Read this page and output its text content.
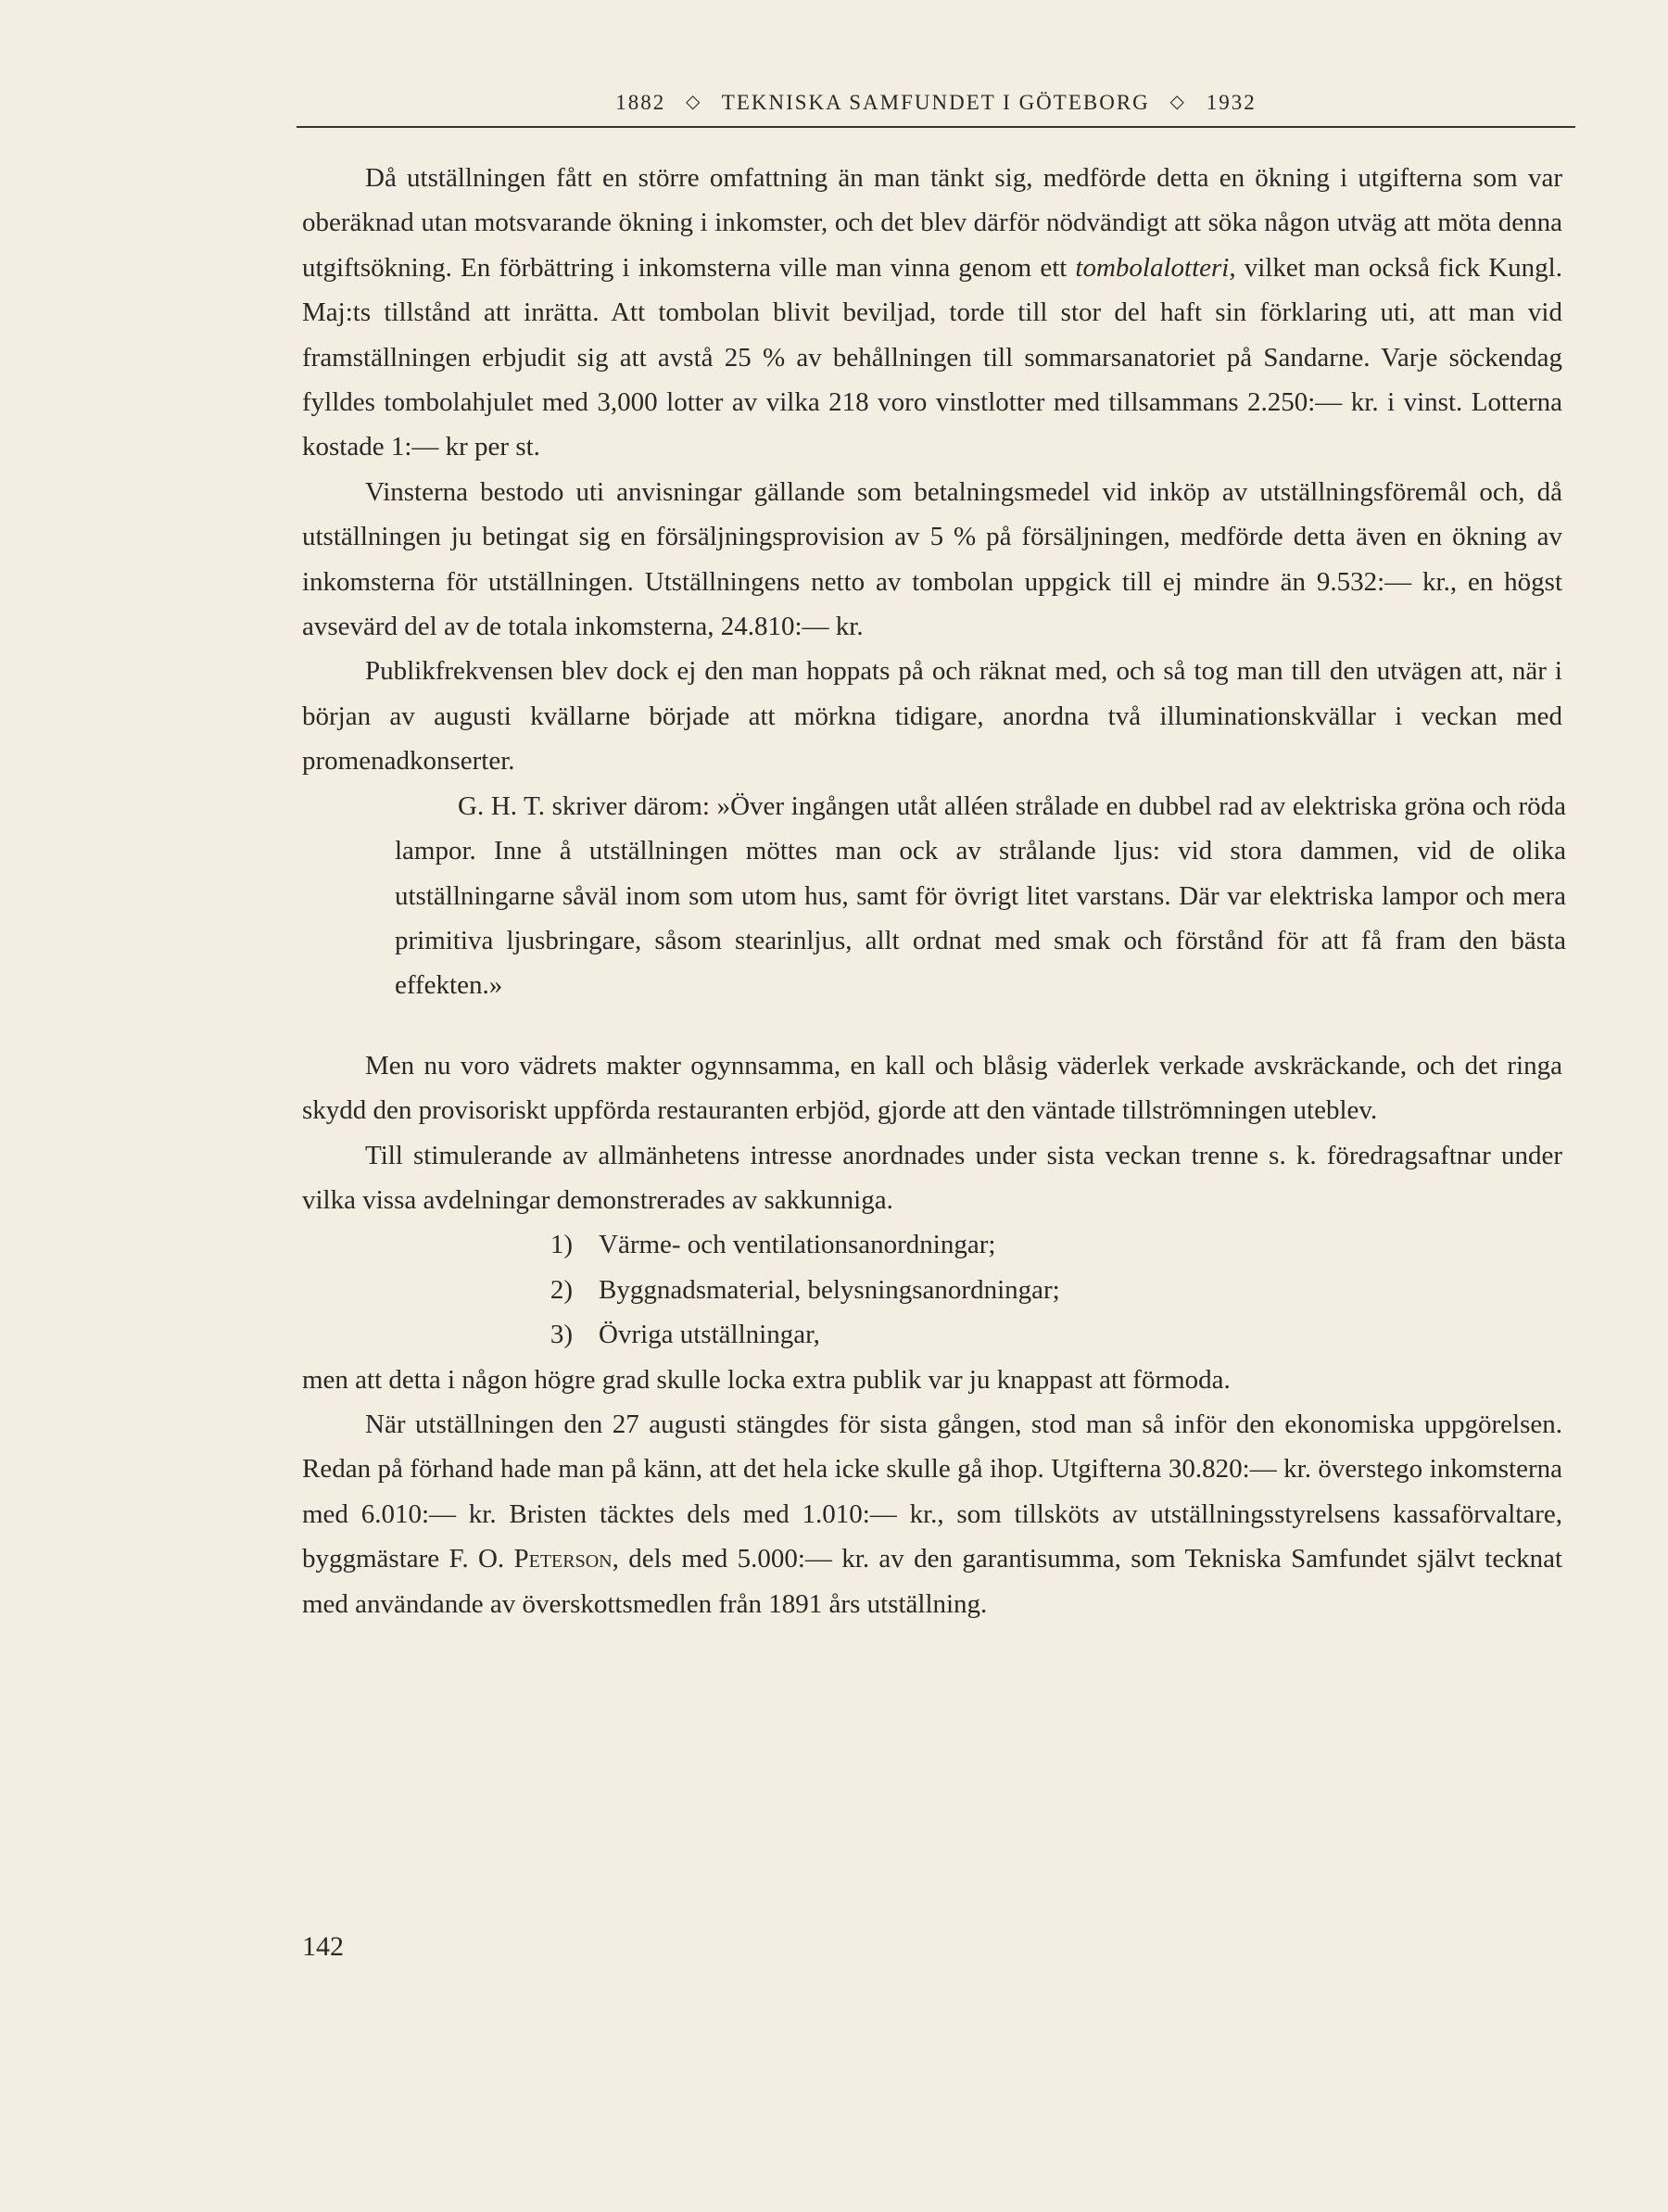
1882 ◇ TEKNISKA SAMFUNDET I GÖTEBORG ◇ 1932

Då utställningen fått en större omfattning än man tänkt sig, medförde detta en ökning i utgifterna som var oberäknad utan motsvarande ökning i inkomster, och det blev därför nödvändigt att söka någon utväg att möta denna utgiftsökning. En förbättring i inkomsterna ville man vinna genom ett tombolalotteri, vilket man också fick Kungl. Maj:ts tillstånd att inrätta. Att tombolan blivit beviljad, torde till stor del haft sin förklaring uti, att man vid framställningen erbjudit sig att avstå 25 % av behållningen till sommarsanatoriet på Sandarne. Varje söckendag fylldes tombolahjulet med 3,000 lotter av vilka 218 voro vinstlotter med tillsammans 2.250:— kr. i vinst. Lotterna kostade 1:— kr per st.

Vinsterna bestodo uti anvisningar gällande som betalningsmedel vid inköp av utställningsföremål och, då utställningen ju betingat sig en försäljningsprovision av 5 % på försäljningen, medförde detta även en ökning av inkomsterna för utställningen. Utställningens netto av tombolan uppgick till ej mindre än 9.532:— kr., en högst avsevärd del av de totala inkomsterna, 24.810:— kr.

Publikfrekvensen blev dock ej den man hoppats på och räknat med, och så tog man till den utvägen att, när i början av augusti kvällarne började att mörkna tidigare, anordna två illuminationskvällar i veckan med promenadkonserter.

G. H. T. skriver därom: »Över ingången utåt alléen strålade en dubbel rad av elektriska gröna och röda lampor. Inne å utställningen möttes man ock av strålande ljus: vid stora dammen, vid de olika utställningarne såväl inom som utom hus, samt för övrigt litet varstans. Där var elektriska lampor och mera primitiva ljusbringare, såsom stearinljus, allt ordnat med smak och förstånd för att få fram den bästa effekten.»

Men nu voro vädrets makter ogynnsamma, en kall och blåsig väderlek verkade avskräckande, och det ringa skydd den provisoriskt uppförda restauranten erbjöd, gjorde att den väntade tillströmningen uteblev.

Till stimulerande av allmänhetens intresse anordnades under sista veckan trenne s. k. föredragsaftnar under vilka vissa avdelningar demonstrerades av sakkunniga.

1) Värme- och ventilationsanordningar;
2) Byggnadsmaterial, belysningsanordningar;
3) Övriga utställningar,

men att detta i någon högre grad skulle locka extra publik var ju knappast att förmoda.

När utställningen den 27 augusti stängdes för sista gången, stod man så inför den ekonomiska uppgörelsen. Redan på förhand hade man på känn, att det hela icke skulle gå ihop. Utgifterna 30.820:— kr. överstego inkomsterna med 6.010:— kr. Bristen täcktes dels med 1.010:— kr., som tillsköts av utställningsstyrelsens kassaförvaltare, byggmästare F. O. Peterson, dels med 5.000:— kr. av den garantisumma, som Tekniska Samfundet självt tecknat med användande av överskottsmedlen från 1891 års utställning.

142
